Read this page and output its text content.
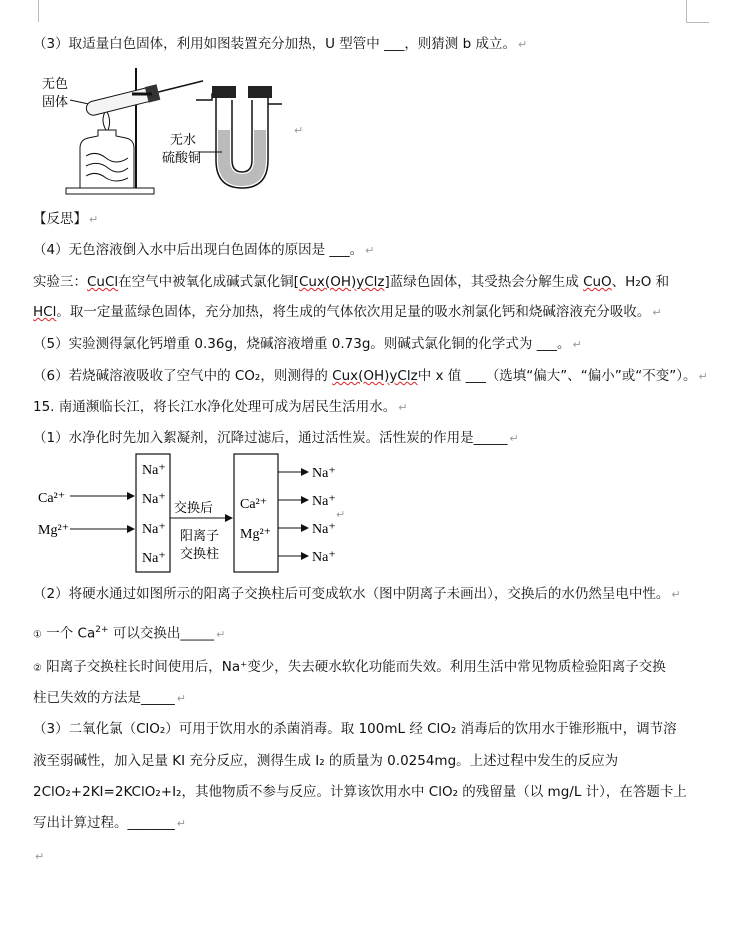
（3）取适量白色固体，利用如图装置充分加热，U 型管中 ___，则猜测 b 成立。 ↵
无色
固体
无水
硫酸铜
↵
【反思】 ↵
（4）无色溶液倒入水中后出现白色固体的原因是 ___。 ↵
实验三：CuCl在空气中被氧化成碱式氯化铜[Cux(OH)yClz]蓝绿色固体，其受热会分解生成 CuO、H₂O 和
HCl。取一定量蓝绿色固体，充分加热，将生成的气体依次用足量的吸水剂氯化钙和烧碱溶液充分吸收。 ↵
（5）实验测得氯化钙增重 0.36g，烧碱溶液增重 0.73g。则碱式氯化铜的化学式为 ___。 ↵
（6）若烧碱溶液吸收了空气中的 CO₂，则测得的 Cux(OH)yClz中 x 值 ___（选填“偏大”、“偏小”或“不变”）。 ↵
15. 南通濒临长江，将长江水净化处理可成为居民生活用水。 ↵
（1）水净化时先加入絮凝剂，沉降过滤后，通过活性炭。活性炭的作用是_____ ↵
Ca²⁺
Mg²⁺
Na⁺
Na⁺
Na⁺
Na⁺
交换后
阳离子
交换柱
Ca²⁺
Mg²⁺
Na⁺
Na⁺
Na⁺
Na⁺
↵
（2）将硬水通过如图所示的阳离子交换柱后可变成软水（图中阴离子未画出），交换后的水仍然呈电中性。 ↵
① 一个 $Ca^{2+}$ 可以交换出_____ ↵
② 阳离子交换柱长时间使用后，Na⁺变少，失去硬水软化功能而失效。利用生活中常见物质检验阳离子交换
柱已失效的方法是_____ ↵
（3）二氧化氯（ClO₂）可用于饮用水的杀菌消毒。取 100mL 经 ClO₂ 消毒后的饮用水于锥形瓶中，调节溶
液至弱碱性，加入足量 KI 充分反应，测得生成 I₂ 的质量为 0.0254mg。上述过程中发生的反应为
2ClO₂+2KI=2KClO₂+I₂，其他物质不参与反应。计算该饮用水中 ClO₂ 的残留量（以 mg/L 计），在答题卡上
写出计算过程。_______ ↵
↵
